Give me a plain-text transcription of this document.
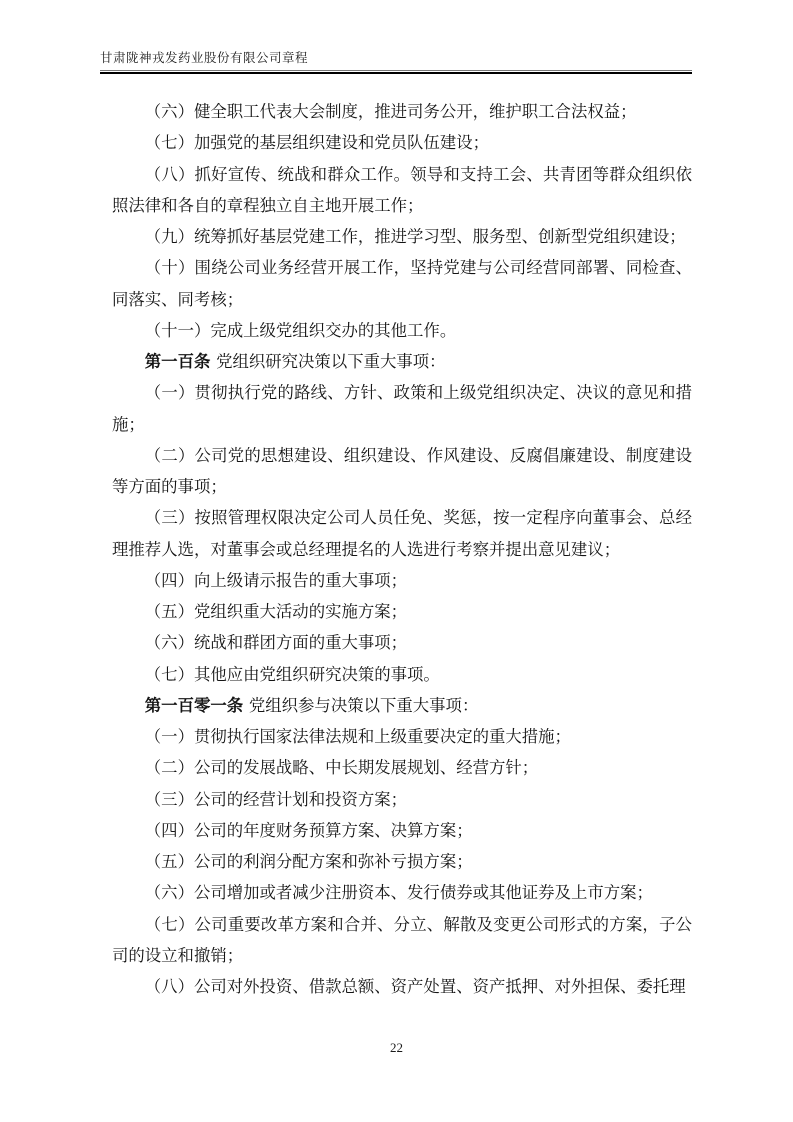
甘肃陇神戎发药业股份有限公司章程

（六）健全职工代表大会制度，推进司务公开，维护职工合法权益；

（七）加强党的基层组织建设和党员队伍建设；

（八）抓好宣传、统战和群众工作。领导和支持工会、共青团等群众组织依照法律和各自的章程独立自主地开展工作；

（九）统筹抓好基层党建工作，推进学习型、服务型、创新型党组织建设；

（十）围绕公司业务经营开展工作，坚持党建与公司经营同部署、同检查、同落实、同考核；

（十一）完成上级党组织交办的其他工作。

第一百条 党组织研究决策以下重大事项：

（一）贯彻执行党的路线、方针、政策和上级党组织决定、决议的意见和措施；

（二）公司党的思想建设、组织建设、作风建设、反腐倡廉建设、制度建设等方面的事项；

（三）按照管理权限决定公司人员任免、奖惩，按一定程序向董事会、总经理推荐人选，对董事会或总经理提名的人选进行考察并提出意见建议；

（四）向上级请示报告的重大事项；

（五）党组织重大活动的实施方案；

（六）统战和群团方面的重大事项；

（七）其他应由党组织研究决策的事项。

第一百零一条 党组织参与决策以下重大事项：

（一）贯彻执行国家法律法规和上级重要决定的重大措施；

（二）公司的发展战略、中长期发展规划、经营方针；

（三）公司的经营计划和投资方案；

（四）公司的年度财务预算方案、决算方案；

（五）公司的利润分配方案和弥补亏损方案；

（六）公司增加或者减少注册资本、发行债券或其他证券及上市方案；

（七）公司重要改革方案和合并、分立、解散及变更公司形式的方案，子公司的设立和撤销；

（八）公司对外投资、借款总额、资产处置、资产抵押、对外担保、委托理

22
